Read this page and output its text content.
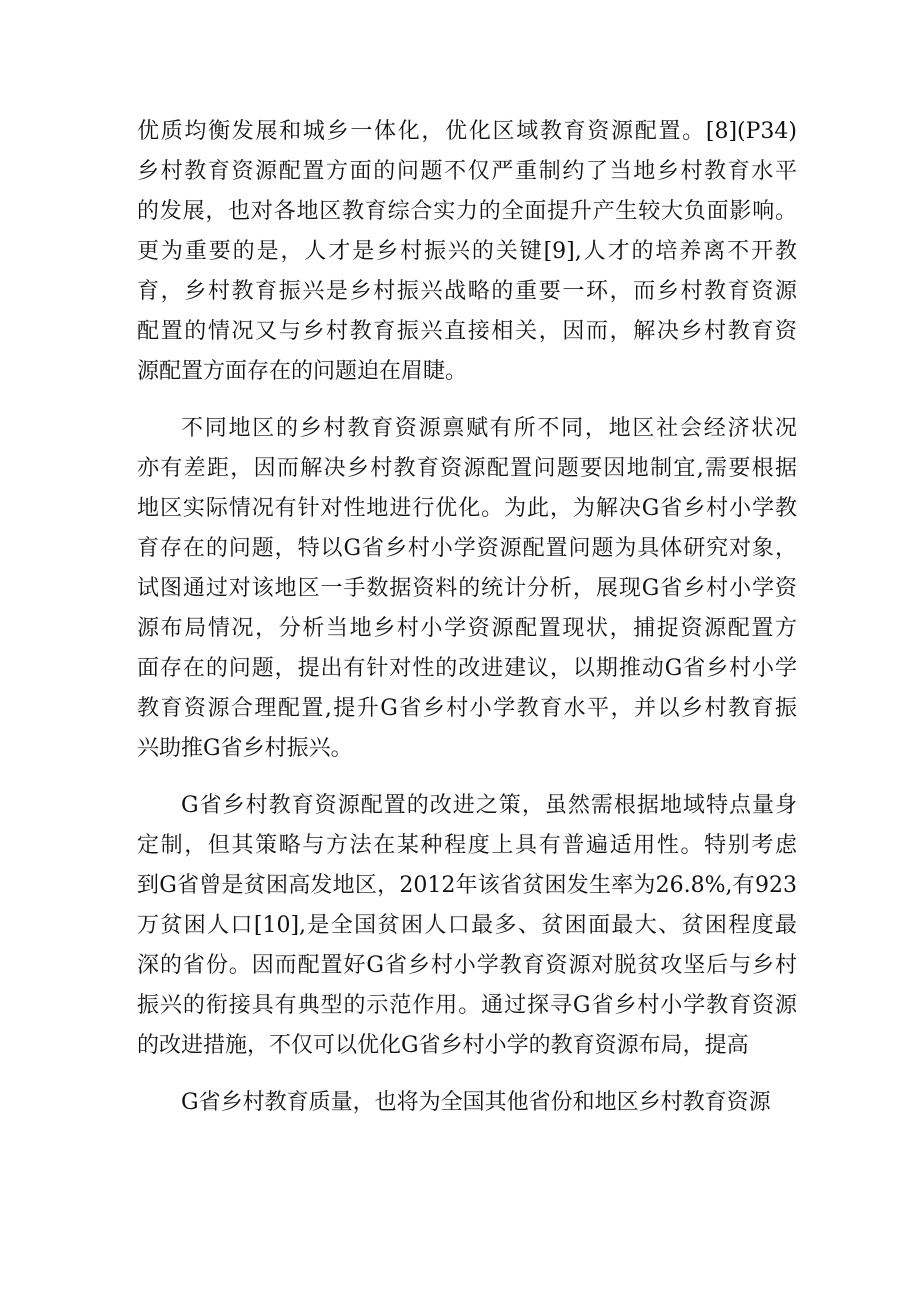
优质均衡发展和城乡一体化，优化区域教育资源配置。[8](P34)
乡村教育资源配置方面的问题不仅严重制约了当地乡村教育水平
的发展，也对各地区教育综合实力的全面提升产生较大负面影响。
更为重要的是，人才是乡村振兴的关键[9],人才的培养离不开教
育，乡村教育振兴是乡村振兴战略的重要一环，而乡村教育资源
配置的情况又与乡村教育振兴直接相关，因而，解决乡村教育资
源配置方面存在的问题迫在眉睫。
不同地区的乡村教育资源禀赋有所不同，地区社会经济状况
亦有差距，因而解决乡村教育资源配置问题要因地制宜,需要根据
地区实际情况有针对性地进行优化。为此，为解决G省乡村小学教
育存在的问题，特以G省乡村小学资源配置问题为具体研究对象，
试图通过对该地区一手数据资料的统计分析，展现G省乡村小学资
源布局情况，分析当地乡村小学资源配置现状，捕捉资源配置方
面存在的问题，提出有针对性的改进建议，以期推动G省乡村小学
教育资源合理配置,提升G省乡村小学教育水平，并以乡村教育振
兴助推G省乡村振兴。
G省乡村教育资源配置的改进之策，虽然需根据地域特点量身
定制，但其策略与方法在某种程度上具有普遍适用性。特别考虑
到G省曾是贫困高发地区，2012年该省贫困发生率为26.8%,有923
万贫困人口[10],是全国贫困人口最多、贫困面最大、贫困程度最
深的省份。因而配置好G省乡村小学教育资源对脱贫攻坚后与乡村
振兴的衔接具有典型的示范作用。通过探寻G省乡村小学教育资源
的改进措施，不仅可以优化G省乡村小学的教育资源布局，提高
G省乡村教育质量，也将为全国其他省份和地区乡村教育资源
